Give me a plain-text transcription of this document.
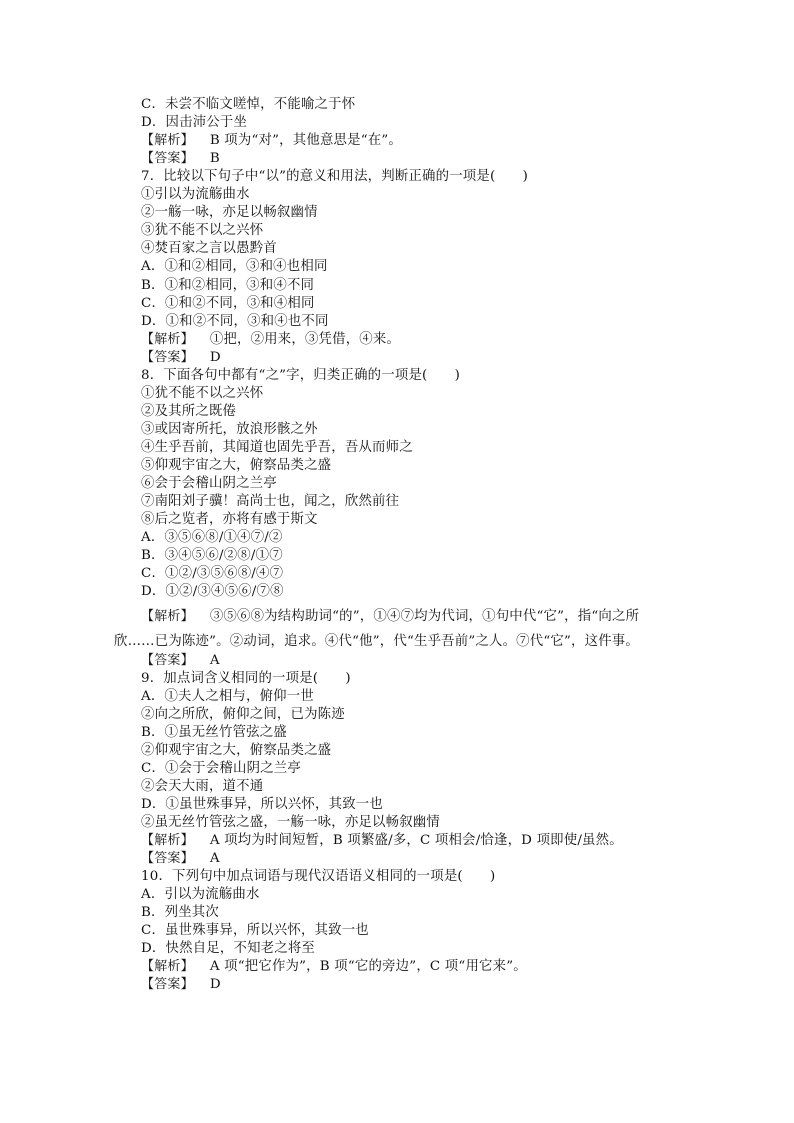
C．未尝不临文嗟悼，不能喻之于怀
D．因击沛公于坐
【解析】 B 项为“对”，其他意思是“在”。
【答案】 B
7．比较以下句子中“以”的意义和用法，判断正确的一项是(　　)
①引以为流觞曲水
②一觞一咏，亦足以畅叙幽情
③犹不能不以之兴怀
④焚百家之言以愚黔首
A．①和②相同，③和④也相同
B．①和②相同，③和④不同
C．①和②不同，③和④相同
D．①和②不同，③和④也不同
【解析】 ①把，②用来，③凭借，④来。
【答案】 D
8．下面各句中都有“之”字，归类正确的一项是(　　)
①犹不能不以之兴怀
②及其所之既倦
③或因寄所托，放浪形骸之外
④生乎吾前，其闻道也固先乎吾，吾从而师之
⑤仰观宇宙之大，俯察品类之盛
⑥会于会稽山阴之兰亭
⑦南阳刘子骥！高尚士也，闻之，欣然前往
⑧后之览者，亦将有感于斯文
A．③⑤⑥⑧/①④⑦/②
B．③④⑤⑥/②⑧/①⑦
C．①②/③⑤⑥⑧/④⑦
D．①②/③④⑤⑥/⑦⑧
【解析】 ③⑤⑥⑧为结构助词“的”，①④⑦均为代词，①句中代“它”，指“向之所
欣……已为陈迹”。②动词，追求。④代“他”，代“生乎吾前”之人。⑦代“它”，这件事。
【答案】 A
9．加点词含义相同的一项是(　　)
A．①夫人之相与，俯仰一世
②向之所欣，俯仰之间，已为陈迹
B．①虽无丝竹管弦之盛
②仰观宇宙之大，俯察品类之盛
C．①会于会稽山阴之兰亭
②会天大雨，道不通
D．①虽世殊事异，所以兴怀，其致一也
②虽无丝竹管弦之盛，一觞一咏，亦足以畅叙幽情
【解析】 A 项均为时间短暂，B 项繁盛/多，C 项相会/恰逢，D 项即使/虽然。
【答案】 A
10．下列句中加点词语与现代汉语语义相同的一项是(　　)
A．引以为流觞曲水
B．列坐其次
C．虽世殊事异，所以兴怀，其致一也
D．快然自足，不知老之将至
【解析】 A 项“把它作为”，B 项“它的旁边”，C 项“用它来”。
【答案】 D
